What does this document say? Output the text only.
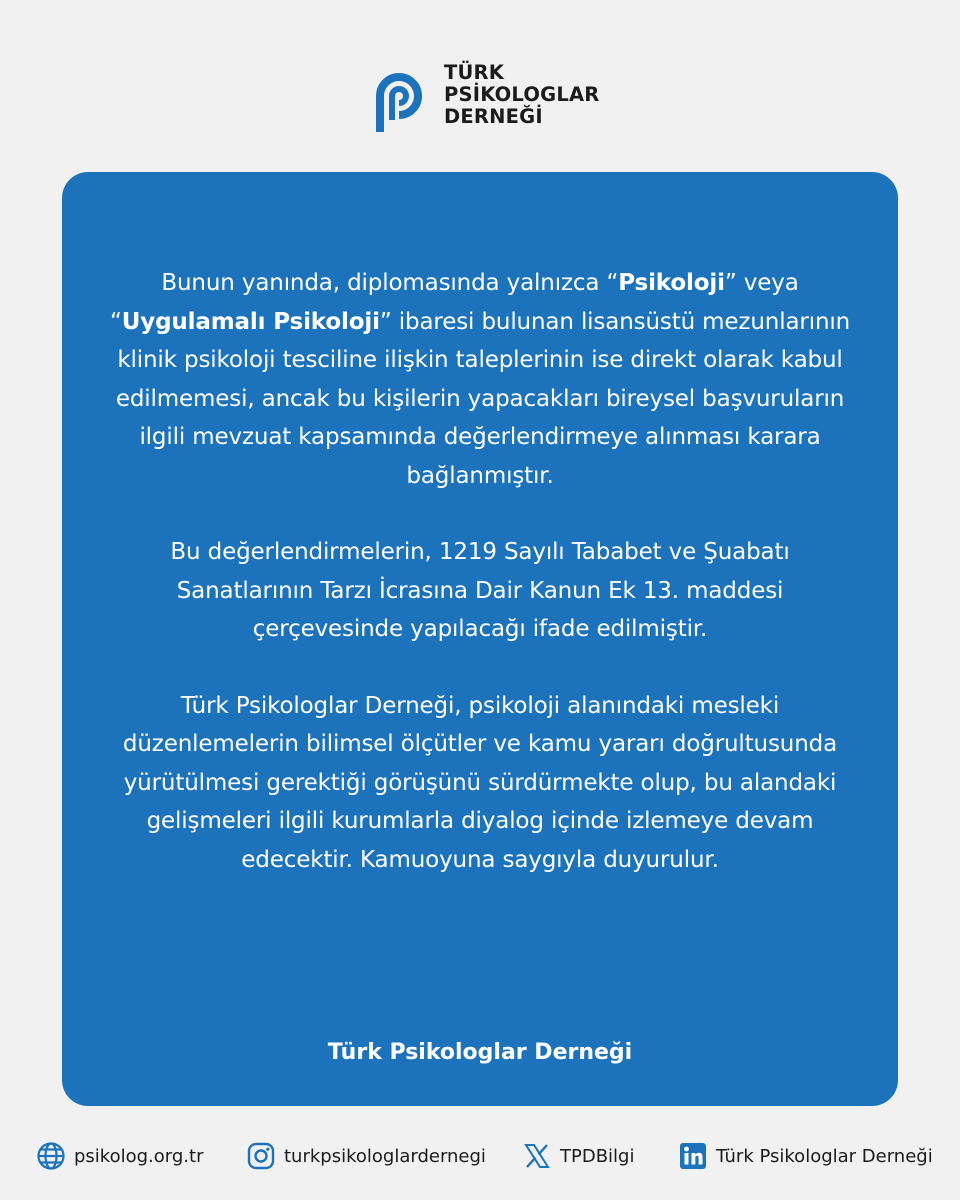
TÜRK
PSİKOLOGLAR
DERNEĞİ

Bunun yanında, diplomasında yalnızca “Psikoloji” veya “Uygulamalı Psikoloji” ibaresi bulunan lisansüstü mezunlarının klinik psikoloji tesciline ilişkin taleplerinin ise direkt olarak kabul edilmemesi, ancak bu kişilerin yapacakları bireysel başvuruların ilgili mevzuat kapsamında değerlendirmeye alınması karara bağlanmıştır.

Bu değerlendirmelerin, 1219 Sayılı Tababet ve Şuabatı Sanatlarının Tarzı İcrasına Dair Kanun Ek 13. maddesi çerçevesinde yapılacağı ifade edilmiştir.

Türk Psikologlar Derneği, psikoloji alanındaki mesleki düzenlemelerin bilimsel ölçütler ve kamu yararı doğrultusunda yürütülmesi gerektiği görüşünü sürdürmekte olup, bu alandaki gelişmeleri ilgili kurumlarla diyalog içinde izlemeye devam edecektir. Kamuoyuna saygıyla duyurulur.

Türk Psikologlar Derneği
psikolog.org.tr	turkpsikologlardernegi	TPDBilgi	Türk Psikologlar Derneği
